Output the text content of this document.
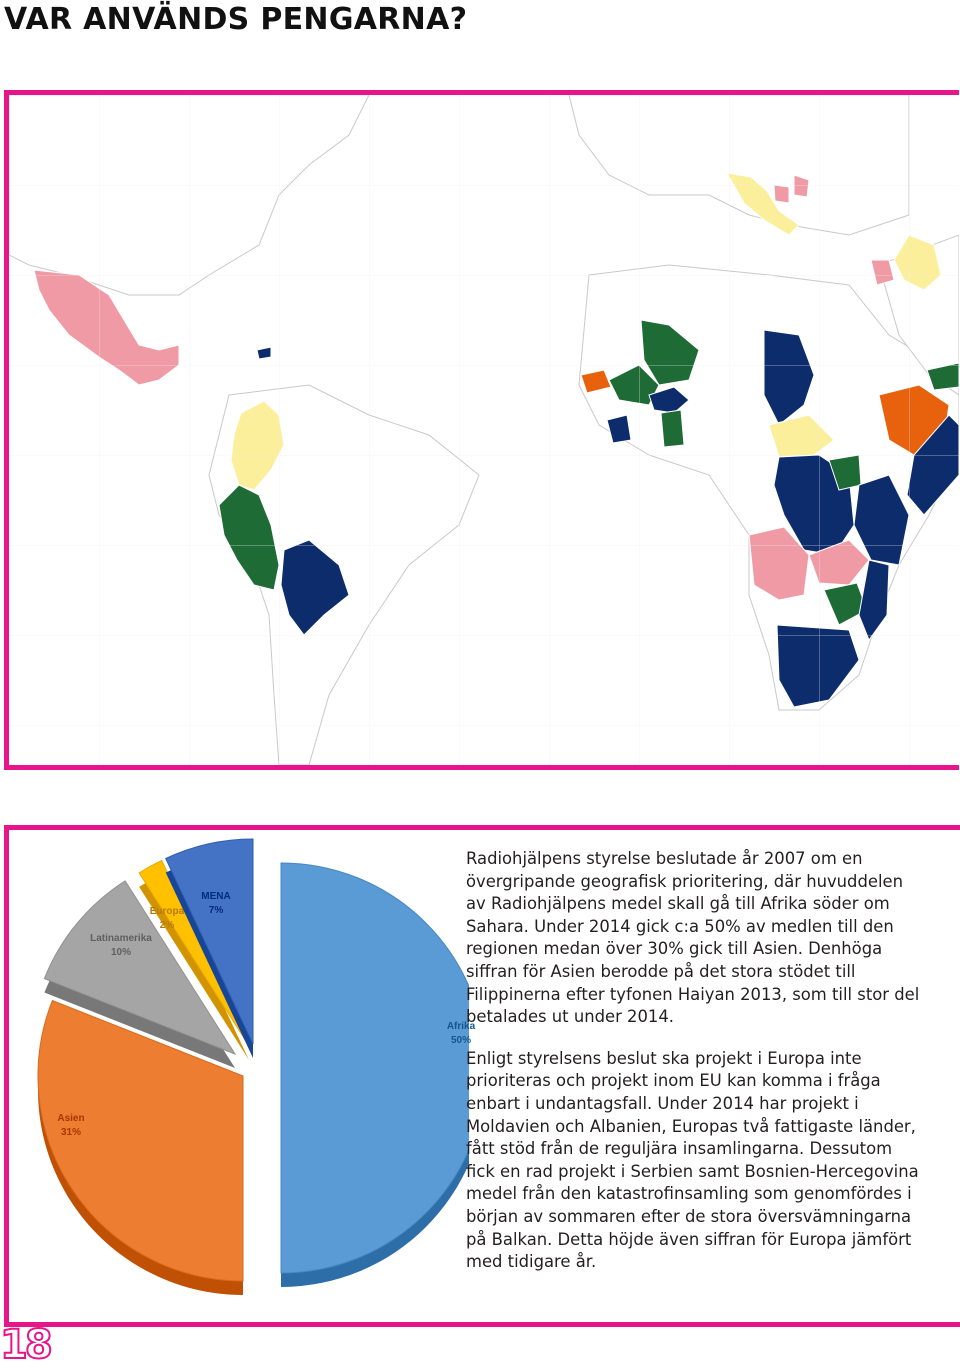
VAR ANVÄNDS PENGARNA?
Afrika
50%
Asien
31%
Latinamerika
10%
Europa
2%
MENA
7%

Radiohjälpens styrelse beslutade år 2007 om en övergripande geografisk prioritering, där huvuddelen av Radiohjälpens medel skall gå till Afrika söder om Sahara. Under 2014 gick c:a 50% av medlen till den regionen medan över 30% gick till Asien. Denhöga siffran för Asien berodde på det stora stödet till Filippinerna efter tyfonen Haiyan 2013, som till stor del betalades ut under 2014.

Enligt styrelsens beslut ska projekt i Europa inte prioriteras och projekt inom EU kan komma i fråga enbart i undantagsfall. Under 2014 har projekt i Moldavien och Albanien, Europas två fattigaste länder, fått stöd från de reguljära insamlingarna. Dessutom fick en rad projekt i Serbien samt Bosnien-Hercegovina medel från den katastrofinsamling som genomfördes i början av sommaren efter de stora översvämningarna på Balkan. Detta höjde även siffran för Europa jämfört med tidigare år.

18
